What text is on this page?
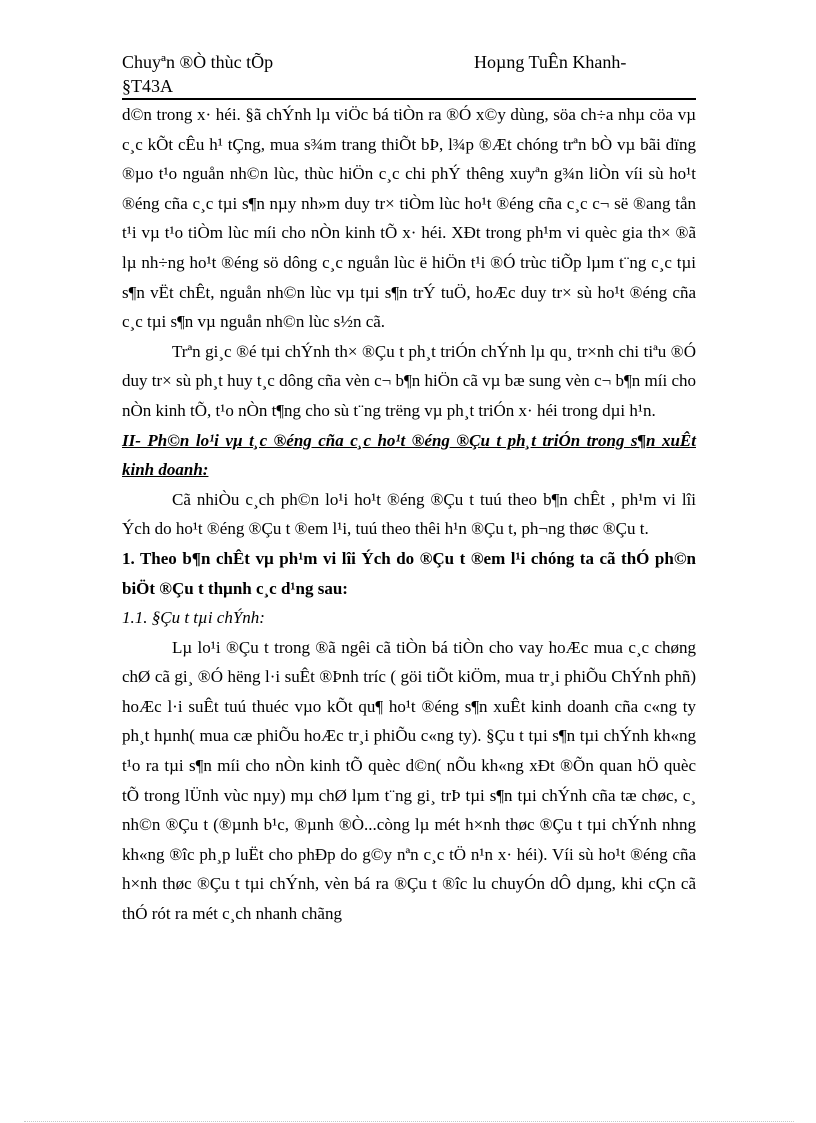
Chuyªn ®Ò thùc tÕp
§T43A
Hoµng TuÊn Khanh-

d©n trong x· héi. §ã chÝnh lµ viÖc bá tiÒn ra ®Ó x©y dùng, söa ch÷a nhµ cöa vµ c¸c kÕt cÊu h¹ tÇng, mua s¾m trang thiÕt bÞ, l¾p ®Æt chóng trªn bÒ vµ bãi dïng ®µo t¹o nguån nh©n lùc, thùc hiÖn c¸c chi phÝ thêng xuyªn g¾n liÒn víi sù ho¹t ®éng cña c¸c tµi s¶n nµy nh»m duy tr× tiÒm lùc ho¹t ®éng cña c¸c c¬ së ®ang tån t¹i vµ t¹o tiÒm lùc míi cho nÒn kinh tÕ x· héi. XÐt trong ph¹m vi quèc gia th× ®ã lµ nh÷ng ho¹t ®éng sö dông c¸c nguån lùc ë hiÖn t¹i ®Ó trùc tiÕp lµm t¨ng c¸c tµi s¶n vËt chÊt, nguån nh©n lùc vµ tµi s¶n trÝ tuÖ, hoÆc duy tr× sù ho¹t ®éng cña c¸c tµi s¶n vµ nguån nh©n lùc s½n cã.

Trªn gi¸c ®é tµi chÝnh th× ®Çu t ph¸t triÓn chÝnh lµ qu¸ tr×nh chi tiªu ®Ó duy tr× sù ph¸t huy t¸c dông cña vèn c¬ b¶n hiÖn cã vµ bæ sung vèn c¬ b¶n míi cho nÒn kinh tÕ, t¹o nÒn t¶ng cho sù t¨ng trëng vµ ph¸t triÓn x· héi trong dµi h¹n.

II- Ph©n lo¹i vµ t¸c ®éng cña c¸c ho¹t ®éng ®Çu t ph¸t triÓn trong s¶n xuÊt kinh doanh:

Cã nhiÒu c¸ch ph©n lo¹i ho¹t ®éng ®Çu t tuú theo b¶n chÊt , ph¹m vi lîi Ých do ho¹t ®éng ®Çu t ®em l¹i, tuú theo thêi h¹n ®Çu t, ph¬ng thøc ®Çu t.

1. Theo b¶n chÊt vµ ph¹m vi lîi Ých do ®Çu t ®em l¹i chóng ta cã thÓ ph©n biÖt ®Çu t thµnh c¸c d¹ng sau:

1.1. §Çu t tµi chÝnh:

Lµ lo¹i ®Çu t trong ®ã ngêi cã tiÒn bá tiÒn cho vay hoÆc mua c¸c chøng chØ cã gi¸ ®Ó hëng l·i suÊt ®Þnh tríc ( göi tiÕt kiÖm, mua tr¸i phiÕu ChÝnh phñ) hoÆc l·i suÊt tuú thuéc vµo kÕt qu¶ ho¹t ®éng s¶n xuÊt kinh doanh cña c«ng ty ph¸t hµnh( mua cæ phiÕu hoÆc tr¸i phiÕu c«ng ty). §Çu t tµi s¶n tµi chÝnh kh«ng t¹o ra tµi s¶n míi cho nÒn kinh tÕ quèc d©n( nÕu kh«ng xÐt ®Õn quan hÖ quèc tÕ trong lÜnh vùc nµy) mµ chØ lµm t¨ng gi¸ trÞ tµi s¶n tµi chÝnh cña tæ chøc, c¸ nh©n ®Çu t (®µnh b¹c, ®µnh ®Ò...còng lµ mét h×nh thøc ®Çu t tµi chÝnh nhng kh«ng ®îc ph¸p luËt cho phÐp do g©y nªn c¸c tÖ n¹n x· héi). Víi sù ho¹t ®éng cña h×nh thøc ®Çu t tµi chÝnh, vèn bá ra ®Çu t ®îc lu chuyÓn dÔ dµng, khi cÇn cã thÓ rót ra mét c¸ch nhanh chãng
